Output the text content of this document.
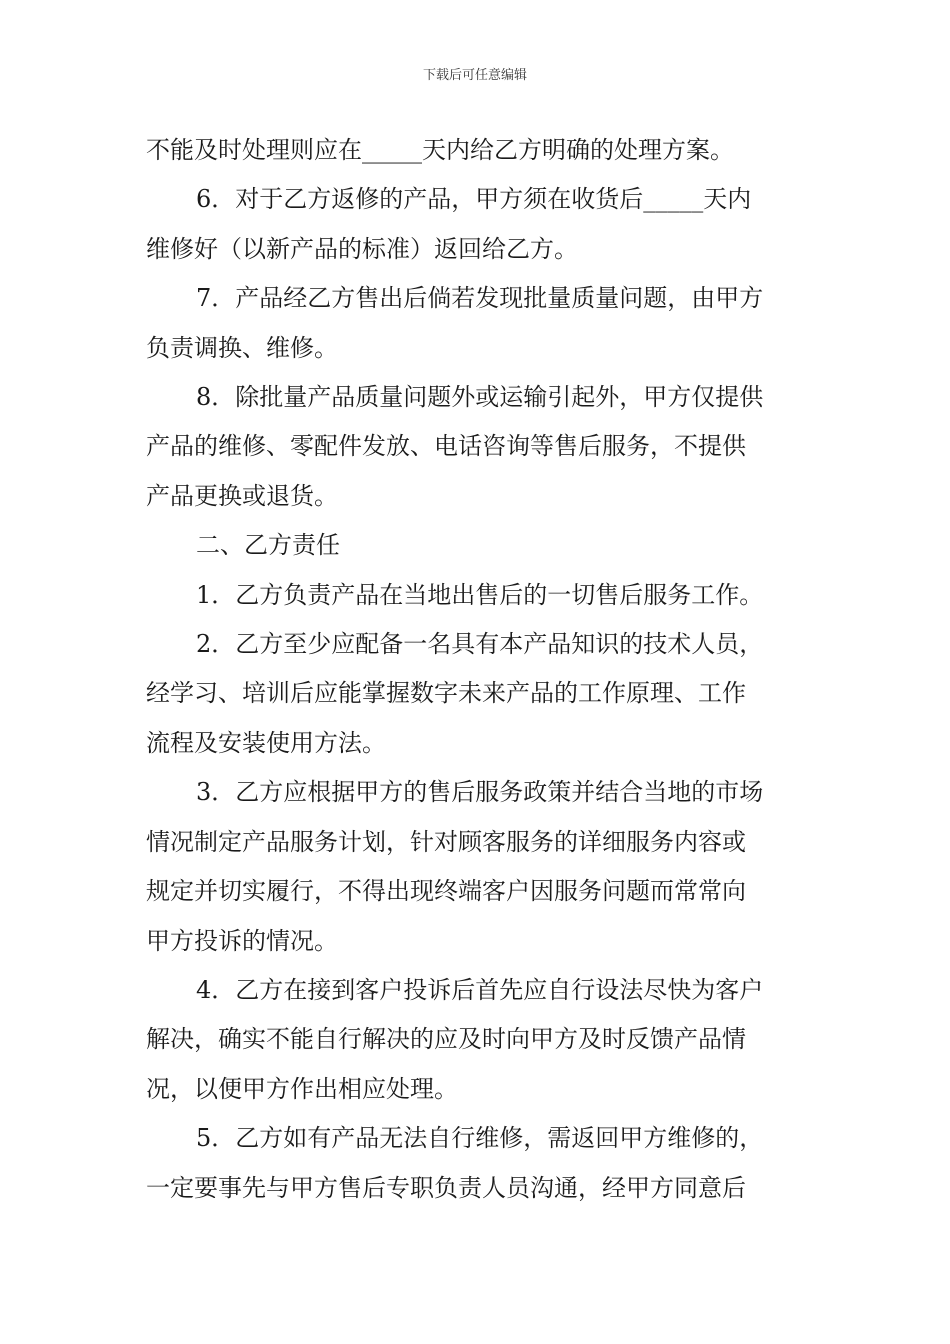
下载后可任意编辑

不能及时处理则应在_____天内给乙方明确的处理方案。

6．对于乙方返修的产品，甲方须在收货后_____天内

维修好（以新产品的标准）返回给乙方。

7．产品经乙方售出后倘若发现批量质量问题，由甲方

负责调换、维修。

8．除批量产品质量问题外或运输引起外，甲方仅提供

产品的维修、零配件发放、电话咨询等售后服务，不提供

产品更换或退货。

二、乙方责任

1．乙方负责产品在当地出售后的一切售后服务工作。

2．乙方至少应配备一名具有本产品知识的技术人员，

经学习、培训后应能掌握数字未来产品的工作原理、工作

流程及安装使用方法。

3．乙方应根据甲方的售后服务政策并结合当地的市场

情况制定产品服务计划，针对顾客服务的详细服务内容或

规定并切实履行，不得出现终端客户因服务问题而常常向

甲方投诉的情况。

4．乙方在接到客户投诉后首先应自行设法尽快为客户

解决，确实不能自行解决的应及时向甲方及时反馈产品情

况，以便甲方作出相应处理。

5．乙方如有产品无法自行维修，需返回甲方维修的，

一定要事先与甲方售后专职负责人员沟通，经甲方同意后
